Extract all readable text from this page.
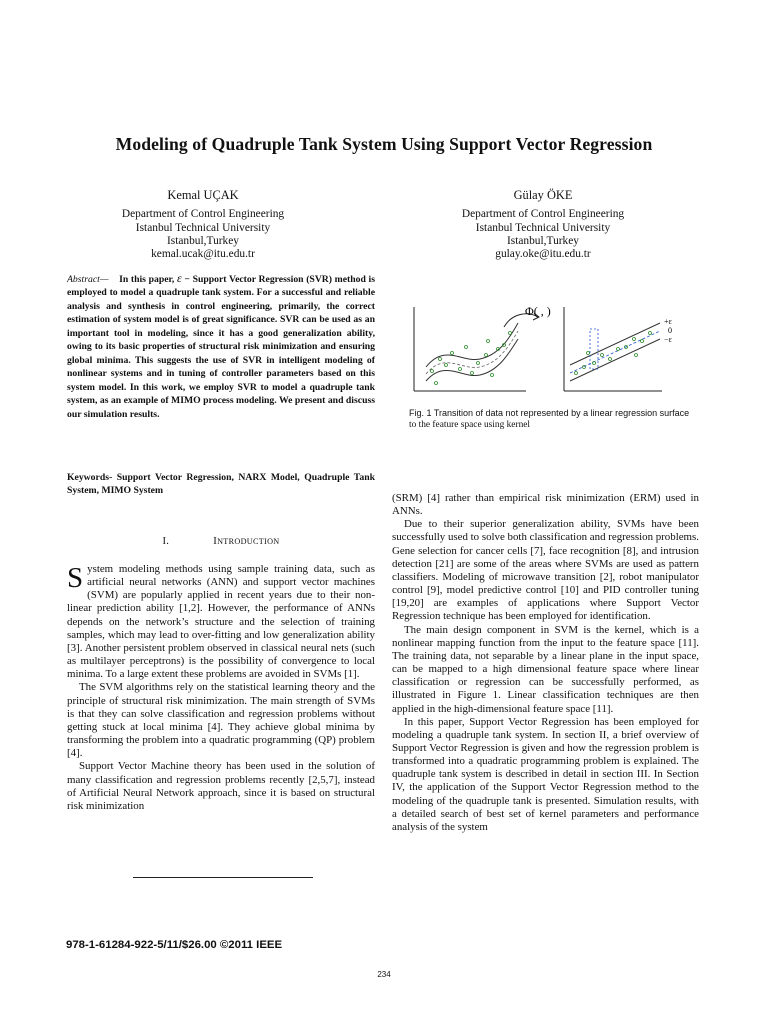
Modeling of Quadruple Tank System Using Support Vector Regression
Kemal UÇAK
Department of Control Engineering
Istanbul Technical University
Istanbul,Turkey
kemal.ucak@itu.edu.tr
Gülay ÖKE
Department of Control Engineering
Istanbul Technical University
Istanbul,Turkey
gulay.oke@itu.edu.tr
Abstract— In this paper, ε − Support Vector Regression (SVR) method is employed to model a quadruple tank system. For a successful and reliable analysis and synthesis in control engineering, primarily, the correct estimation of system model is of great significance. SVR can be used as an important tool in modeling, since it has a good generalization ability, owing to its basic properties of structural risk minimization and ensuring global minima. This suggests the use of SVR in intelligent modeling of nonlinear systems and in tuning of controller parameters based on this system model. In this work, we employ SVR to model a quadruple tank system, as an example of MIMO process modeling. We present and discuss our simulation results.
Keywords- Support Vector Regression, NARX Model, Quadruple Tank System, MIMO System
I.	INTRODUCTION

System modeling methods using sample training data, such as artificial neural networks (ANN) and support vector machines (SVM) are popularly applied in recent years due to their non-linear prediction ability [1,2]. However, the performance of ANNs depends on the network’s structure and the selection of training samples, which may lead to over-fitting and low generalization ability [3]. Another persistent problem observed in classical neural nets (such as multilayer perceptrons) is the possibility of convergence to local minima. To a large extent these problems are avoided in SVMs [1].

The SVM algorithms rely on the statistical learning theory and the principle of structural risk minimization. The main strength of SVMs is that they can solve classification and regression problems without getting stuck at local minima [4]. They achieve global minima by transforming the problem into a quadratic programming (QP) problem [4].

Support Vector Machine theory has been used in the solution of many classification and regression problems recently [2,5,7], instead of Artificial Neural Network approach, since it is based on structural risk minimization

Φ( , )
+ε
0
−ε
Fig. 1 Transition of data not represented by a linear regression surface
to the feature space using kernel

(SRM) [4] rather than empirical risk minimization (ERM) used in ANNs.

Due to their superior generalization ability, SVMs have been successfully used to solve both classification and regression problems. Gene selection for cancer cells [7], face recognition [8], and intrusion detection [21] are some of the areas where SVMs are used as pattern classifiers. Modeling of microwave transition [2], robot manipulator control [9], model predictive control [10] and PID controller tuning [19,20] are examples of applications where Support Vector Regression technique has been employed for identification.

The main design component in SVM is the kernel, which is a nonlinear mapping function from the input to the feature space [11]. The training data, not separable by a linear plane in the input space, can be mapped to a high dimensional feature space where linear classification or regression can be successfully performed, as illustrated in Figure 1. Linear classification techniques are then applied in the high-dimensional feature space [11].

In this paper, Support Vector Regression has been employed for modeling a quadruple tank system. In section II, a brief overview of Support Vector Regression is given and how the regression problem is transformed into a quadratic programming problem is explained. The quadruple tank system is described in detail in section III. In Section IV, the application of the Support Vector Regression method to the modeling of the quadruple tank is presented. Simulation results, with a detailed search of best set of kernel parameters and performance analysis of the system

978-1-61284-922-5/11/$26.00 ©2011 IEEE
234
